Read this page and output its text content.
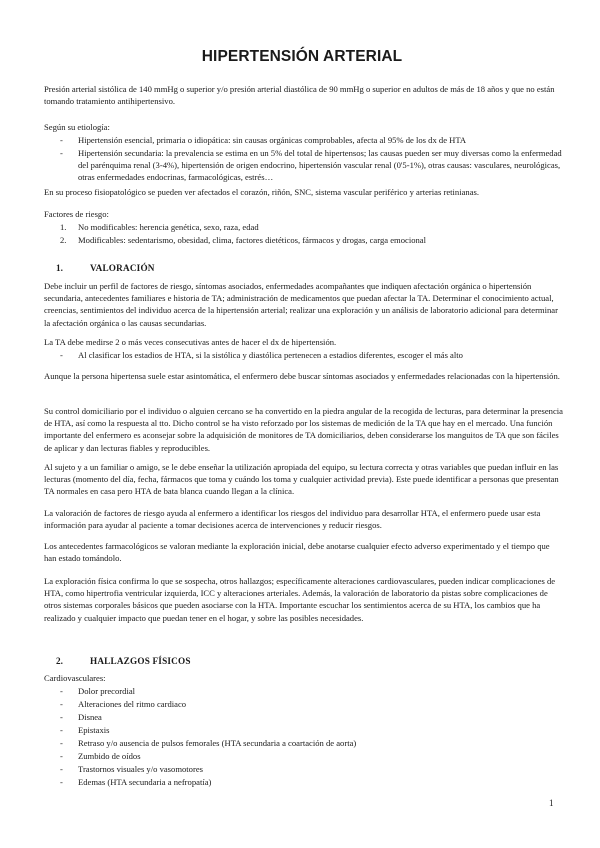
HIPERTENSIÓN ARTERIAL

Presión arterial sistólica de 140 mmHg o superior y/o presión arterial diastólica de 90 mmHg o superior en adultos de más de 18 años y que no están tomando tratamiento antihipertensivo.

Según su etiología:

- Hipertensión esencial, primaria o idiopática: sin causas orgánicas comprobables, afecta al 95% de los dx de HTA
- Hipertensión secundaria: la prevalencia se estima en un 5% del total de hipertensos; las causas pueden ser muy diversas como la enfermedad del parénquima renal (3-4%), hipertensión de origen endocrino, hipertensión vascular renal (0'5-1%), otras causas: vasculares, neurológicas, otras enfermedades endocrinas, farmacológicas, estrés…

En su proceso fisiopatológico se pueden ver afectados el corazón, riñón, SNC, sistema vascular periférico y arterias retinianas.

Factores de riesgo:

1. No modificables: herencia genética, sexo, raza, edad
2. Modificables: sedentarismo, obesidad, clima, factores dietéticos, fármacos y drogas, carga emocional
1.	VALORACIÓN

Debe incluir un perfil de factores de riesgo, síntomas asociados, enfermedades acompañantes que indiquen afectación orgánica o hipertensión secundaria, antecedentes familiares e historia de TA; administración de medicamentos que puedan afectar la TA. Determinar el conocimiento actual, creencias, sentimientos del individuo acerca de la hipertensión arterial; realizar una exploración y un análisis de laboratorio adicional para determinar la afectación orgánica o las causas secundarias.

La TA debe medirse 2 o más veces consecutivas antes de hacer el dx de hipertensión.

- Al clasificar los estadios de HTA, si la sistólica y diastólica pertenecen a estadios diferentes, escoger el más alto

Aunque la persona hipertensa suele estar asintomática, el enfermero debe buscar síntomas asociados y enfermedades relacionadas con la hipertensión.

Su control domiciliario por el individuo o alguien cercano se ha convertido en la piedra angular de la recogida de lecturas, para determinar la presencia de HTA, así como la respuesta al tto. Dicho control se ha visto reforzado por los sistemas de medición de la TA que hay en el mercado. Una función importante del enfermero es aconsejar sobre la adquisición de monitores de TA domiciliarios, deben considerarse los manguitos de TA que son fáciles de aplicar y dan lecturas fiables y reproducibles.

Al sujeto y a un familiar o amigo, se le debe enseñar la utilización apropiada del equipo, su lectura correcta y otras variables que puedan influir en las lecturas (momento del día, fecha, fármacos que toma y cuándo los toma y cualquier actividad previa). Este puede identificar a personas que presentan TA normales en casa pero HTA de bata blanca cuando llegan a la clínica.

La valoración de factores de riesgo ayuda al enfermero a identificar los riesgos del individuo para desarrollar HTA, el enfermero puede usar esta información para ayudar al paciente a tomar decisiones acerca de intervenciones y reducir riesgos.

Los antecedentes farmacológicos se valoran mediante la exploración inicial, debe anotarse cualquier efecto adverso experimentado y el tiempo que han estado tomándolo.

La exploración física confirma lo que se sospecha, otros hallazgos; específicamente alteraciones cardiovasculares, pueden indicar complicaciones de HTA, como hipertrofia ventricular izquierda, ICC y alteraciones arteriales. Además, la valoración de laboratorio da pistas sobre complicaciones de otros sistemas corporales básicos que pueden asociarse con la HTA. Importante escuchar los sentimientos acerca de su HTA, los cambios que ha realizado y cualquier impacto que puedan tener en el hogar, y sobre las posibles necesidades.

2.	HALLAZGOS FÍSICOS

Cardiovasculares:

- Dolor precordial
- Alteraciones del ritmo cardiaco
- Disnea
- Epistaxis
- Retraso y/o ausencia de pulsos femorales (HTA secundaria a coartación de aorta)
- Zumbido de oídos
- Trastornos visuales y/o vasomotores
- Edemas (HTA secundaria a nefropatía)
1
